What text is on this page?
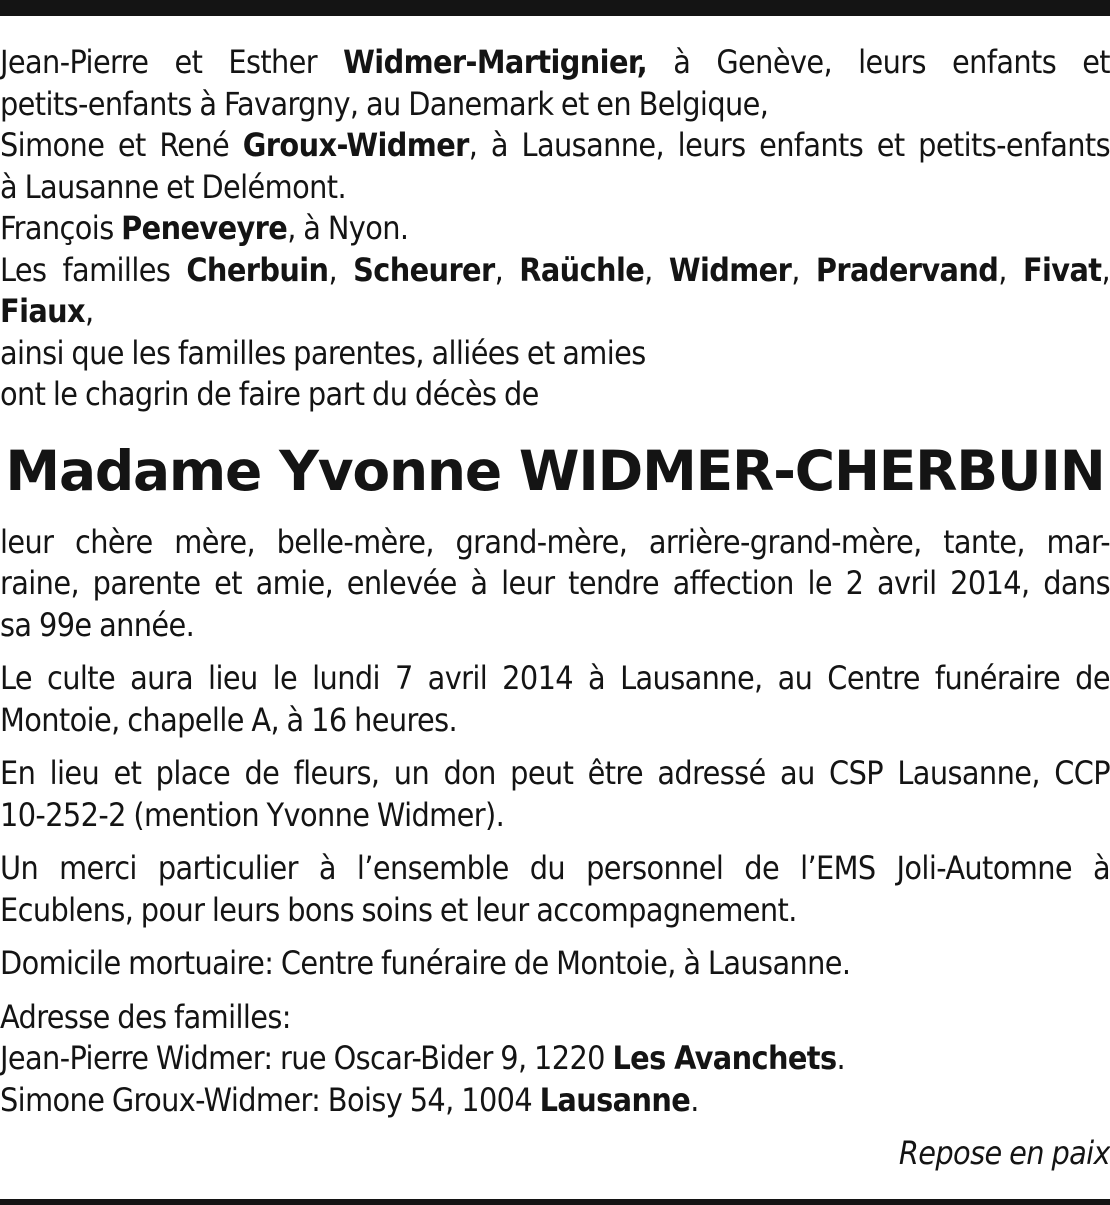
Jean-Pierre et Esther Widmer-Martignier, à Genève, leurs enfants et
petits-enfants à Favargny, au Danemark et en Belgique,
Simone et René Groux-Widmer, à Lausanne, leurs enfants et petits-enfants
à Lausanne et Delémont.
François Peneveyre, à Nyon.
Les familles Cherbuin, Scheurer, Raüchle, Widmer, Pradervand, Fivat,
Fiaux,
ainsi que les familles parentes, alliées et amies
ont le chagrin de faire part du décès de
Madame Yvonne WIDMER-CHERBUIN
leur chère mère, belle-mère, grand-mère, arrière-grand-mère, tante, mar-
raine, parente et amie, enlevée à leur tendre affection le 2 avril 2014, dans
sa 99e année.
Le culte aura lieu le lundi 7 avril 2014 à Lausanne, au Centre funéraire de
Montoie, chapelle A, à 16 heures.
En lieu et place de fleurs, un don peut être adressé au CSP Lausanne, CCP
10-252-2 (mention Yvonne Widmer).
Un merci particulier à l’ensemble du personnel de l’EMS Joli-Automne à
Ecublens, pour leurs bons soins et leur accompagnement.
Domicile mortuaire: Centre funéraire de Montoie, à Lausanne.
Adresse des familles:
Jean-Pierre Widmer: rue Oscar-Bider 9, 1220 Les Avanchets.
Simone Groux-Widmer: Boisy 54, 1004 Lausanne.
Repose en paix
